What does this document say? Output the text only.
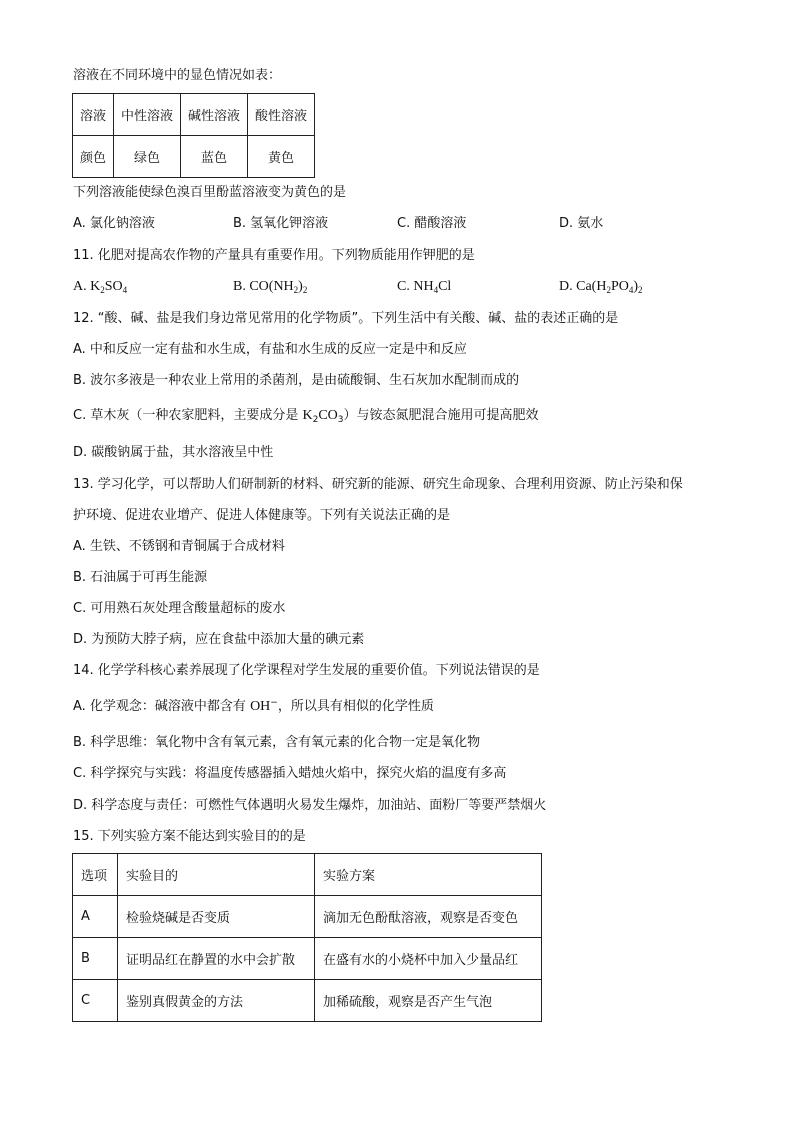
溶液在不同环境中的显色情况如表：
溶液	中性溶液	碱性溶液	酸性溶液
颜色	绿色	蓝色	黄色
下列溶液能使绿色溴百里酚蓝溶液变为黄色的是
A. 氯化钠溶液	B. 氢氧化钾溶液	C. 醋酸溶液	D. 氨水
11. 化肥对提高农作物的产量具有重要作用。下列物质能用作钾肥的是
A. $K_2SO_4$	B. $CO(NH_2)_2$	C. $NH_4Cl$	D. $Ca(H_2PO_4)_2$
12. “酸、碱、盐是我们身边常见常用的化学物质”。下列生活中有关酸、碱、盐的表述正确的是
A. 中和反应一定有盐和水生成，有盐和水生成的反应一定是中和反应
B. 波尔多液是一种农业上常用的杀菌剂，是由硫酸铜、生石灰加水配制而成的
C. 草木灰（一种农家肥料，主要成分是 $K_2CO_3$）与铵态氮肥混合施用可提高肥效
D. 碳酸钠属于盐，其水溶液呈中性
13. 学习化学，可以帮助人们研制新的材料、研究新的能源、研究生命现象、合理利用资源、防止污染和保
护环境、促进农业增产、促进人体健康等。下列有关说法正确的是
A. 生铁、不锈钢和青铜属于合成材料
B. 石油属于可再生能源
C. 可用熟石灰处理含酸量超标的废水
D. 为预防大脖子病，应在食盐中添加大量的碘元素
14. 化学学科核心素养展现了化学课程对学生发展的重要价值。下列说法错误的是
A. 化学观念：碱溶液中都含有 OH−，所以具有相似的化学性质
B. 科学思维：氧化物中含有氧元素，含有氧元素的化合物一定是氧化物
C. 科学探究与实践：将温度传感器插入蜡烛火焰中，探究火焰的温度有多高
D. 科学态度与责任：可燃性气体遇明火易发生爆炸，加油站、面粉厂等要严禁烟火
15. 下列实验方案不能达到实验目的的是
选项	实验目的	实验方案
A	检验烧碱是否变质	滴加无色酚酞溶液，观察是否变色
B	证明品红在静置的水中会扩散	在盛有水的小烧杯中加入少量品红
C	鉴别真假黄金的方法	加稀硫酸，观察是否产生气泡
